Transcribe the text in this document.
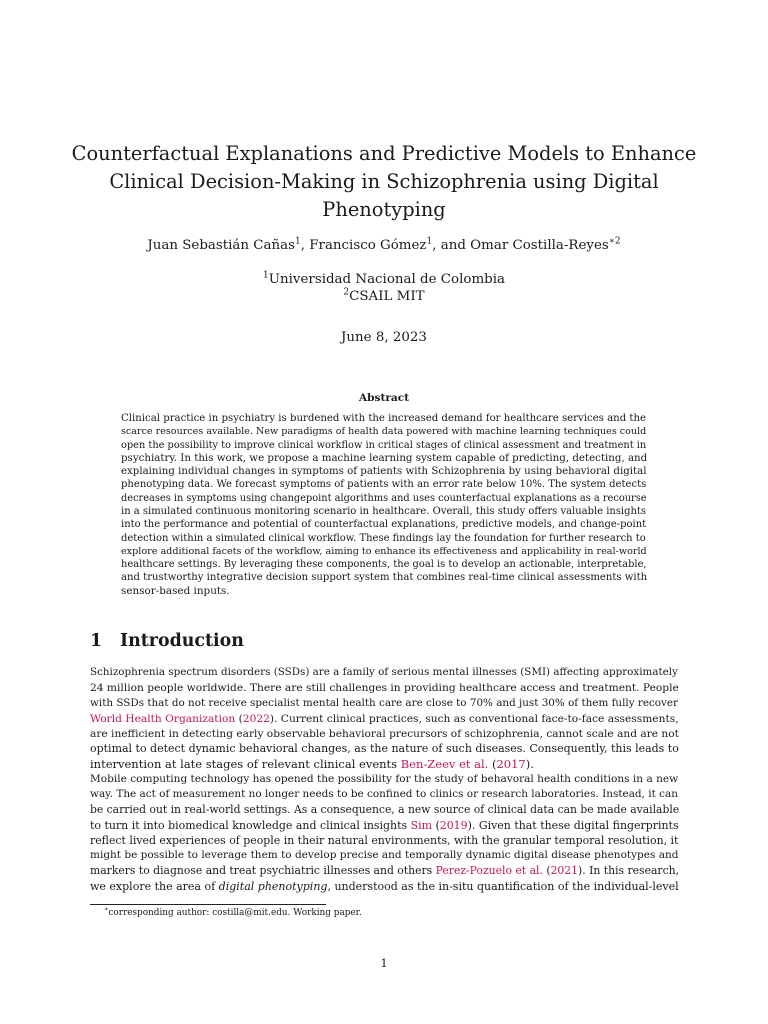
Counterfactual Explanations and Predictive Models to Enhance
Clinical Decision-Making in Schizophrenia using Digital
Phenotyping
Juan Sebastián Cañas$^1$, Francisco Gómez$^1$, and Omar Costilla-Reyes$^{∗2}$
$^1$Universidad Nacional de Colombia
$^2$CSAIL MIT
June 8, 2023
Abstract
Clinical practice in psychiatry is burdened with the increased demand for healthcare services and the
scarce resources available. New paradigms of health data powered with machine learning techniques could
open the possibility to improve clinical workflow in critical stages of clinical assessment and treatment in
psychiatry. In this work, we propose a machine learning system capable of predicting, detecting, and
explaining individual changes in symptoms of patients with Schizophrenia by using behavioral digital
phenotyping data. We forecast symptoms of patients with an error rate below 10%. The system detects
decreases in symptoms using changepoint algorithms and uses counterfactual explanations as a recourse
in a simulated continuous monitoring scenario in healthcare. Overall, this study offers valuable insights
into the performance and potential of counterfactual explanations, predictive models, and change-point
detection within a simulated clinical workflow. These findings lay the foundation for further research to
explore additional facets of the workflow, aiming to enhance its effectiveness and applicability in real-world
healthcare settings. By leveraging these components, the goal is to develop an actionable, interpretable,
and trustworthy integrative decision support system that combines real-time clinical assessments with
sensor-based inputs.
1 Introduction
Schizophrenia spectrum disorders (SSDs) are a family of serious mental illnesses (SMI) affecting approximately
24 million people worldwide. There are still challenges in providing healthcare access and treatment. People
with SSDs that do not receive specialist mental health care are close to 70% and just 30% of them fully recover
World Health Organization (2022). Current clinical practices, such as conventional face-to-face assessments,
are inefficient in detecting early observable behavioral precursors of schizophrenia, cannot scale and are not
optimal to detect dynamic behavioral changes, as the nature of such diseases. Consequently, this leads to
intervention at late stages of relevant clinical events Ben-Zeev et al. (2017).
Mobile computing technology has opened the possibility for the study of behavoral health conditions in a new
way. The act of measurement no longer needs to be confined to clinics or research laboratories. Instead, it can
be carried out in real-world settings. As a consequence, a new source of clinical data can be made available
to turn it into biomedical knowledge and clinical insights Sim (2019). Given that these digital fingerprints
reflect lived experiences of people in their natural environments, with the granular temporal resolution, it
might be possible to leverage them to develop precise and temporally dynamic digital disease phenotypes and
markers to diagnose and treat psychiatric illnesses and others Perez-Pozuelo et al. (2021). In this research,
we explore the area of digital phenotyping, understood as the in-situ quantification of the individual-level
∗corresponding author: costilla@mit.edu. Working paper.
1
